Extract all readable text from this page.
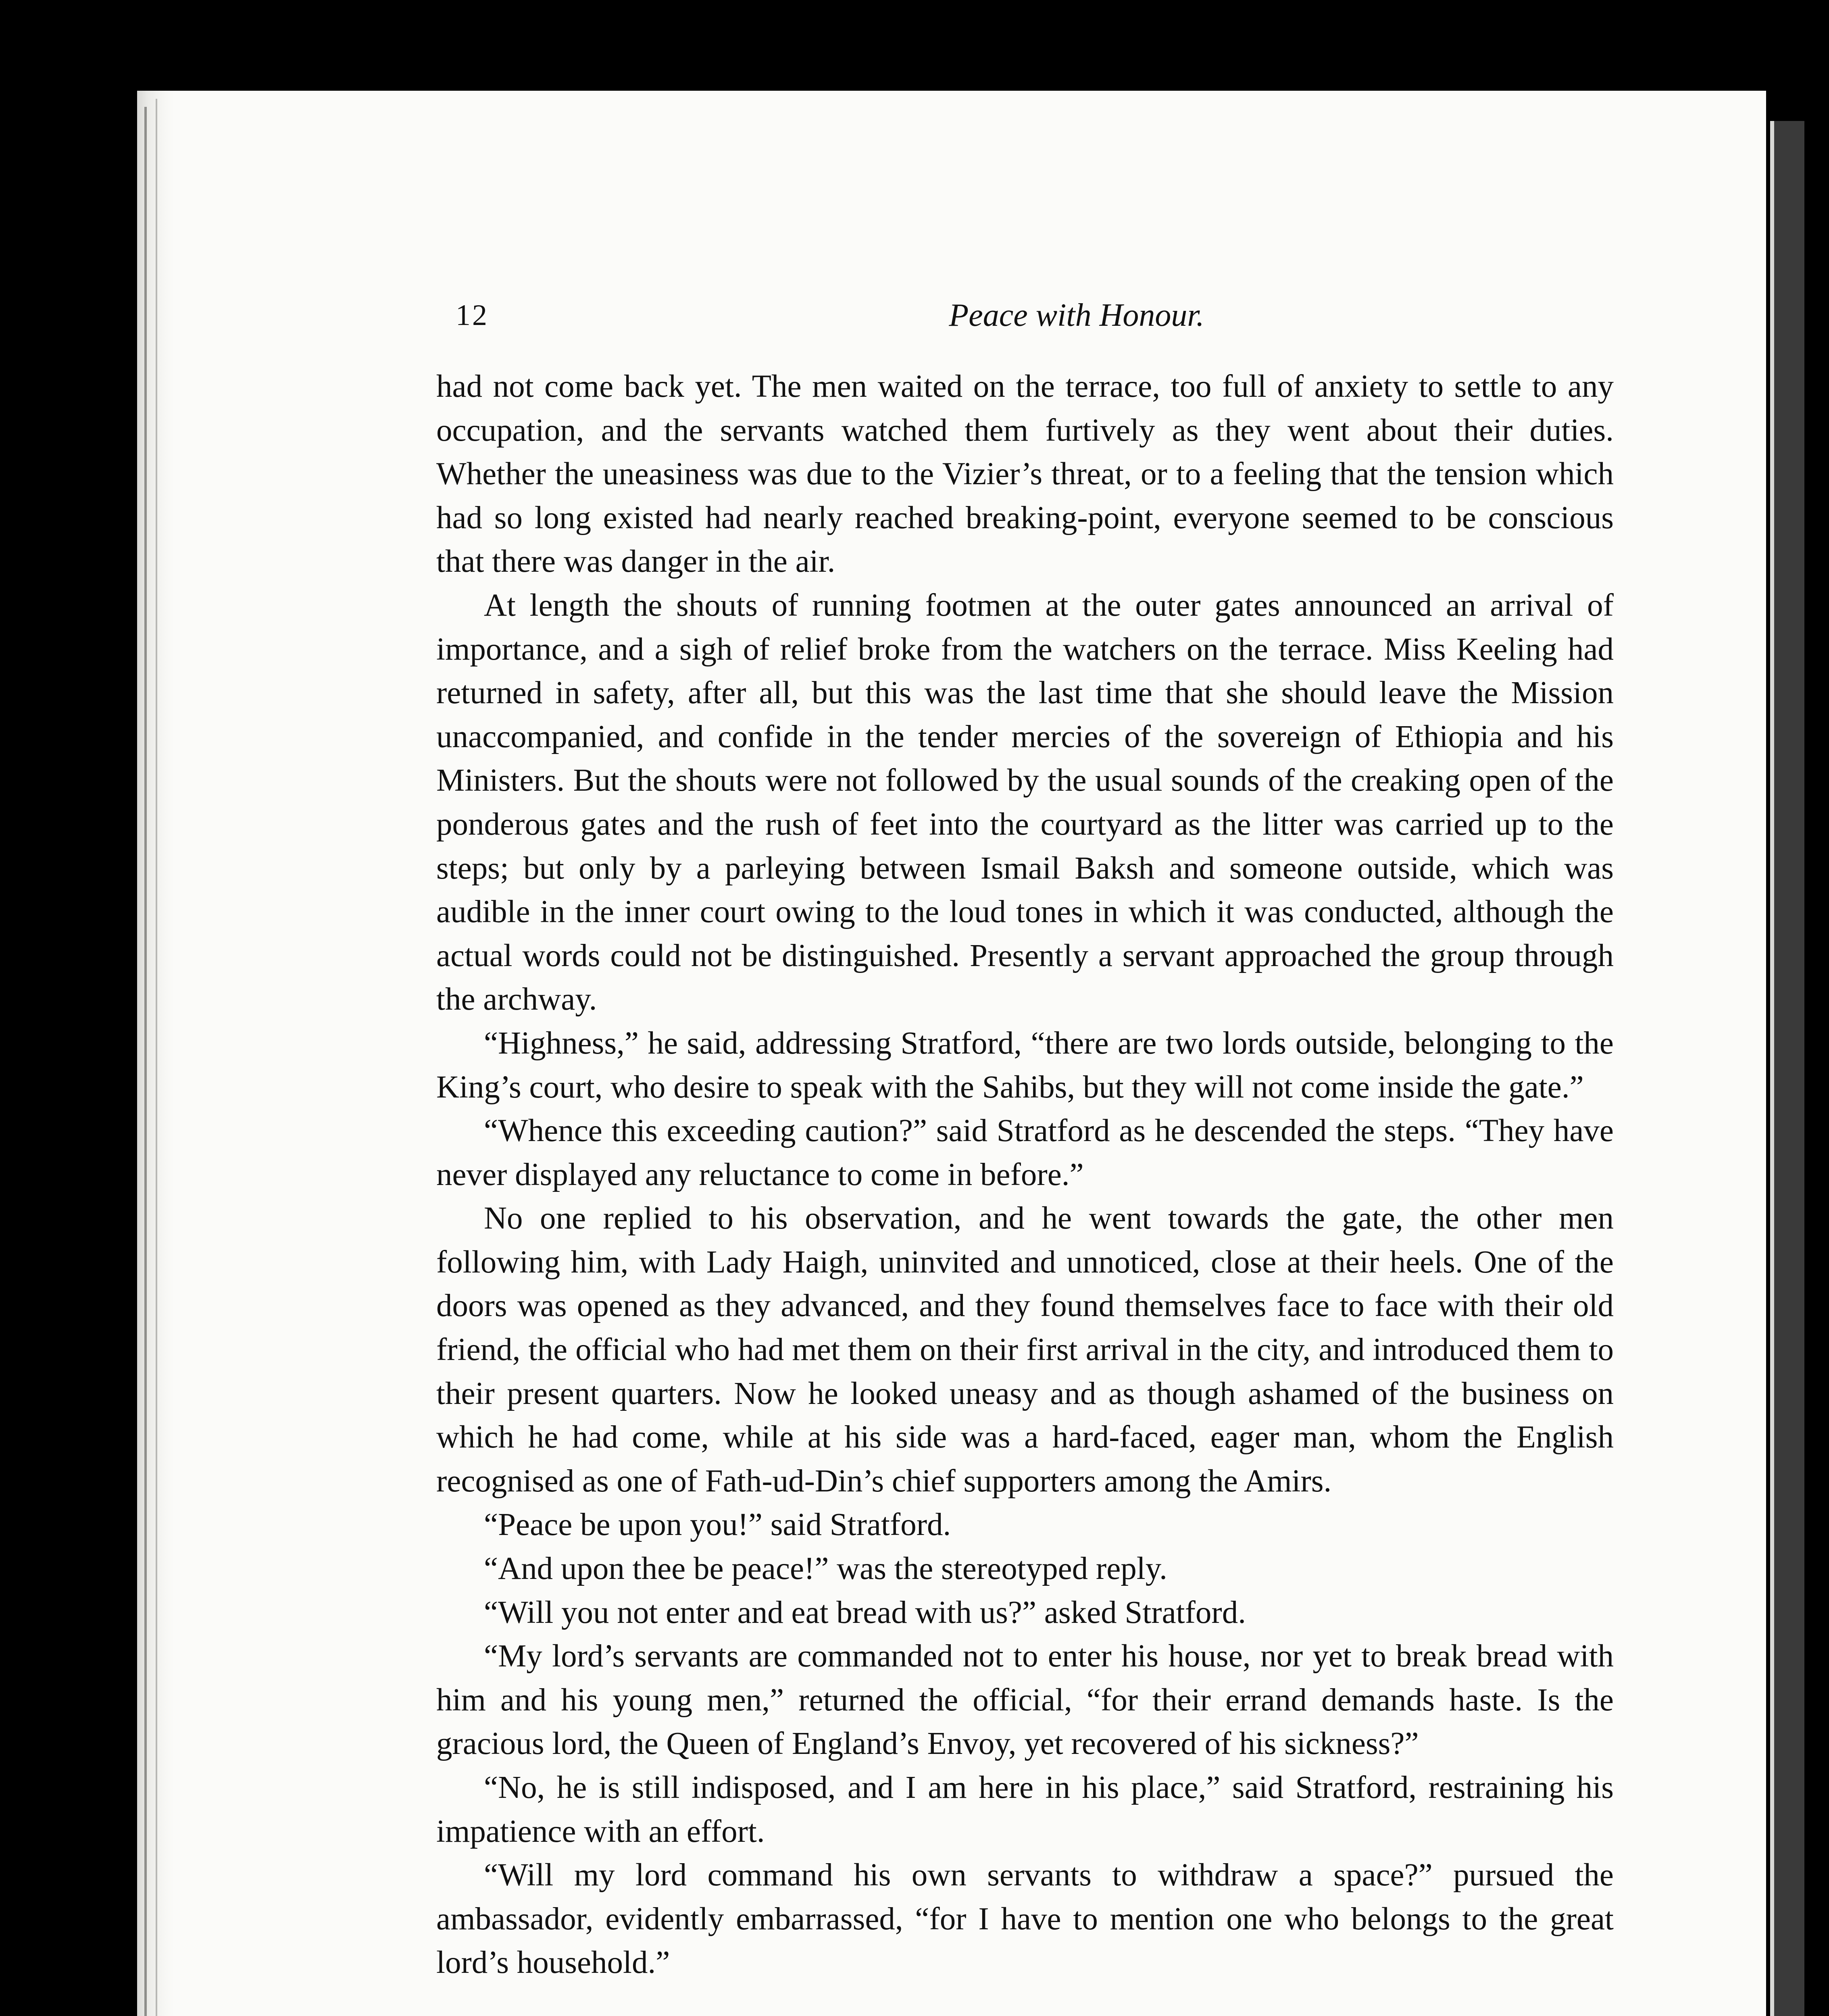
12	Peace with Honour.

had not come back yet. The men waited on the terrace, too full of anxiety to settle to any occupation, and the servants watched them furtively as they went about their duties. Whether the uneasiness was due to the Vizier’s threat, or to a feeling that the tension which had so long existed had nearly reached breaking-point, everyone seemed to be conscious that there was danger in the air.

At length the shouts of running footmen at the outer gates announced an arrival of importance, and a sigh of relief broke from the watchers on the terrace. Miss Keeling had returned in safety, after all, but this was the last time that she should leave the Mission unaccompanied, and confide in the tender mercies of the sovereign of Ethiopia and his Ministers. But the shouts were not followed by the usual sounds of the creaking open of the ponderous gates and the rush of feet into the courtyard as the litter was carried up to the steps; but only by a parleying between Ismail Baksh and someone outside, which was audible in the inner court owing to the loud tones in which it was conducted, although the actual words could not be distinguished. Presently a servant approached the group through the archway.

“Highness,” he said, addressing Stratford, “there are two lords outside, belonging to the King’s court, who desire to speak with the Sahibs, but they will not come inside the gate.”

“Whence this exceeding caution?” said Stratford as he descended the steps. “They have never displayed any reluctance to come in before.”

No one replied to his observation, and he went towards the gate, the other men following him, with Lady Haigh, uninvited and unnoticed, close at their heels. One of the doors was opened as they advanced, and they found themselves face to face with their old friend, the official who had met them on their first arrival in the city, and introduced them to their present quarters. Now he looked uneasy and as though ashamed of the business on which he had come, while at his side was a hard-faced, eager man, whom the English recognised as one of Fath-ud-Din’s chief supporters among the Amirs.

“Peace be upon you!” said Stratford.

“And upon thee be peace!” was the stereotyped reply.

“Will you not enter and eat bread with us?” asked Stratford.

“My lord’s servants are commanded not to enter his house, nor yet to break bread with him and his young men,” returned the official, “for their errand demands haste. Is the gracious lord, the Queen of England’s Envoy, yet recovered of his sickness?”

“No, he is still indisposed, and I am here in his place,” said Stratford, restraining his impatience with an effort.

“Will my lord command his own servants to withdraw a space?” pursued the ambassador, evidently embarrassed, “for I have to mention one who belongs to the great lord’s household.”
